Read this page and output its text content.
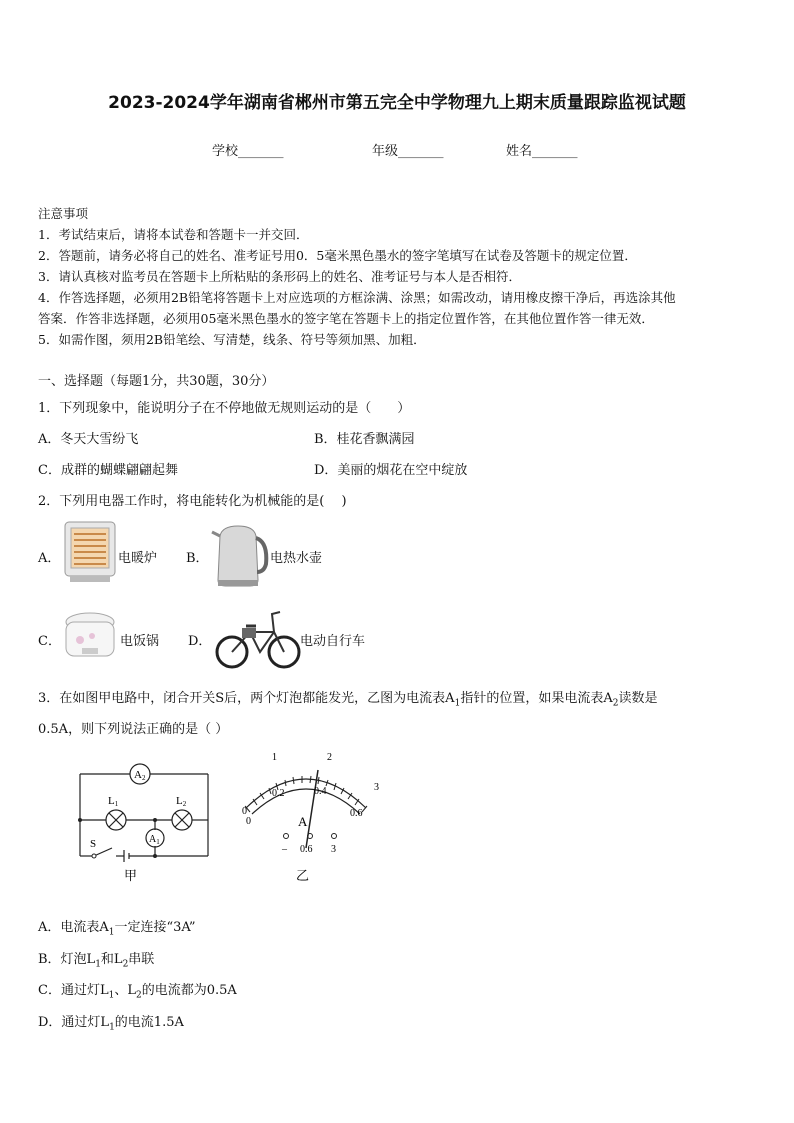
2023-2024学年湖南省郴州市第五完全中学物理九上期末质量跟踪监视试题
学校_______	年级_______	姓名_______
注意事项
1．考试结束后，请将本试卷和答题卡一并交回．
2．答题前，请务必将自己的姓名、准考证号用0．5毫米黑色墨水的签字笔填写在试卷及答题卡的规定位置．
3．请认真核对监考员在答题卡上所粘贴的条形码上的姓名、准考证号与本人是否相符．
4．作答选择题，必须用2B铅笔将答题卡上对应选项的方框涂满、涂黑；如需改动，请用橡皮擦干净后，再选涂其他
答案．作答非选择题，必须用05毫米黑色墨水的签字笔在答题卡上的指定位置作答，在其他位置作答一律无效．
5．如需作图，须用2B铅笔绘、写清楚，线条、符号等须加黑、加粗．
一、选择题（每题1分，共30题，30分）
1．下列现象中，能说明分子在不停地做无规则运动的是（　　）
A．冬天大雪纷飞	B．桂花香飘满园
C．成群的蝴蝶翩翩起舞	D．美丽的烟花在空中绽放
2．下列用电器工作时，将电能转化为机械能的是(　 )
A．	电暖炉 B．	电热水壶
C．	电饭锅 D．	电动自行车
3．在如图甲电路中，闭合开关S后，两个灯泡都能发光，乙图为电流表$A_1$指针的位置，如果电流表$A_2$读数是
0.5A，则下列说法正确的是（ ）
A2
L1	L2
$A_1$
S
甲
0
1	2
3
0
0.2	0.4
0.6
A
– 0.6 3
乙
A．电流表$A_1$一定连接“3A”
B．灯泡$L_1$和$L_2$串联
C．通过灯$L_1$、$L_2$的电流都为0.5A
D．通过灯$L_1$的电流1.5A
